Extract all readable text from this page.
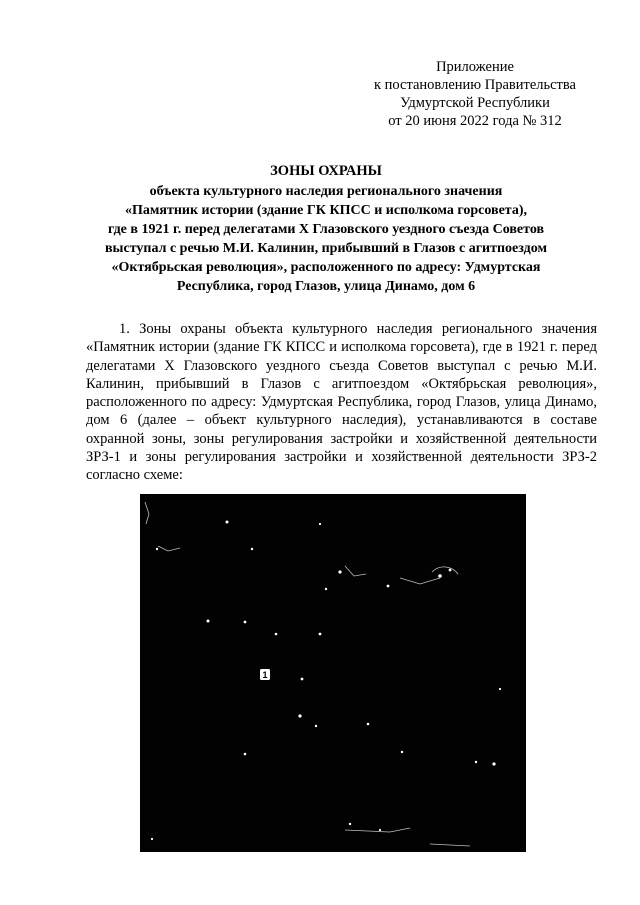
Приложение
к постановлению Правительства
Удмуртской Республики
от 20 июня 2022 года № 312
ЗОНЫ ОХРАНЫ
объекта культурного наследия регионального значения
«Памятник истории (здание ГК КПСС и исполкома горсовета),
где в 1921 г. перед делегатами X Глазовского уездного съезда Советов
выступал с речью М.И. Калинин, прибывший в Глазов с агитпоездом
«Октябрьская революция», расположенного по адресу: Удмуртская
Республика, город Глазов, улица Динамо, дом 6

1. Зоны охраны объекта культурного наследия регионального значения «Памятник истории (здание ГК КПСС и исполкома горсовета), где в 1921 г. перед делегатами X Глазовского уездного съезда Советов выступал с речью М.И. Калинин, прибывший в Глазов с агитпоездом «Октябрьская революция», расположенного по адресу: Удмуртская Республика, город Глазов, улица Динамо, дом 6 (далее – объект культурного наследия), устанавливаются в составе охранной зоны, зоны регулирования застройки и хозяйственной деятельности ЗРЗ-1 и зоны регулирования застройки и хозяйственной деятельности ЗРЗ-2 согласно схеме:

1
